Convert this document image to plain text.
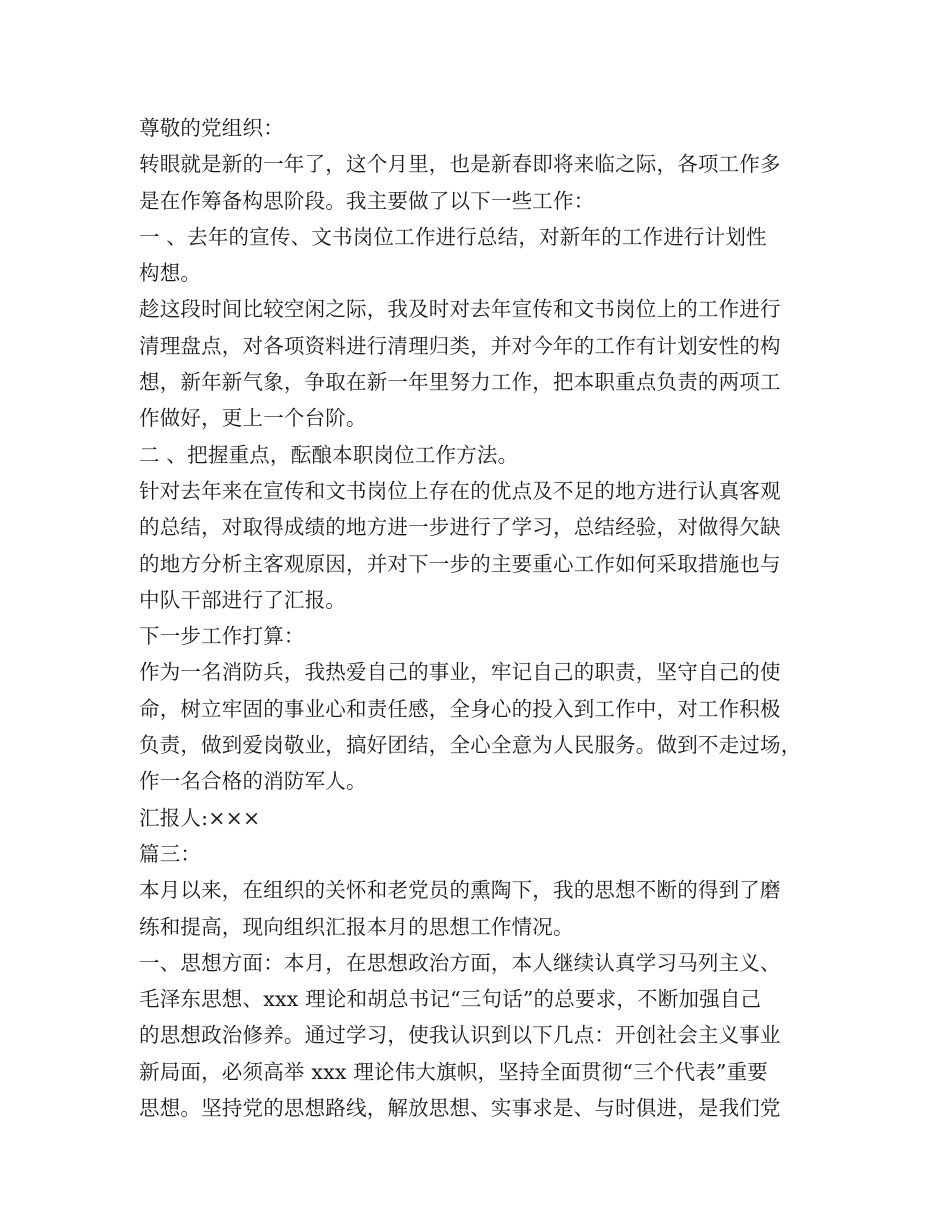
尊敬的党组织：
转眼就是新的一年了，这个月里，也是新春即将来临之际，各项工作多
是在作筹备构思阶段。我主要做了以下一些工作：
一 、去年的宣传、文书岗位工作进行总结，对新年的工作进行计划性
构想。
趁这段时间比较空闲之际，我及时对去年宣传和文书岗位上的工作进行
清理盘点，对各项资料进行清理归类，并对今年的工作有计划安性的构
想，新年新气象，争取在新一年里努力工作，把本职重点负责的两项工
作做好，更上一个台阶。
二 、把握重点，酝酿本职岗位工作方法。
针对去年来在宣传和文书岗位上存在的优点及不足的地方进行认真客观
的总结，对取得成绩的地方进一步进行了学习，总结经验，对做得欠缺
的地方分析主客观原因，并对下一步的主要重心工作如何采取措施也与
中队干部进行了汇报。
下一步工作打算：
作为一名消防兵，我热爱自己的事业，牢记自己的职责，坚守自己的使
命，树立牢固的事业心和责任感，全身心的投入到工作中，对工作积极
负责，做到爱岗敬业，搞好团结，全心全意为人民服务。做到不走过场，
作一名合格的消防军人。
汇报人:×××
篇三：
本月以来，在组织的关怀和老党员的熏陶下，我的思想不断的得到了磨
练和提高，现向组织汇报本月的思想工作情况。
一、思想方面：本月，在思想政治方面，本人继续认真学习马列主义、
毛泽东思想、xxx 理论和胡总书记“三句话”的总要求，不断加强自己
的思想政治修养。通过学习，使我认识到以下几点：开创社会主义事业
新局面，必须高举 xxx 理论伟大旗帜，坚持全面贯彻“三个代表”重要
思想。坚持党的思想路线，解放思想、实事求是、与时俱进，是我们党
